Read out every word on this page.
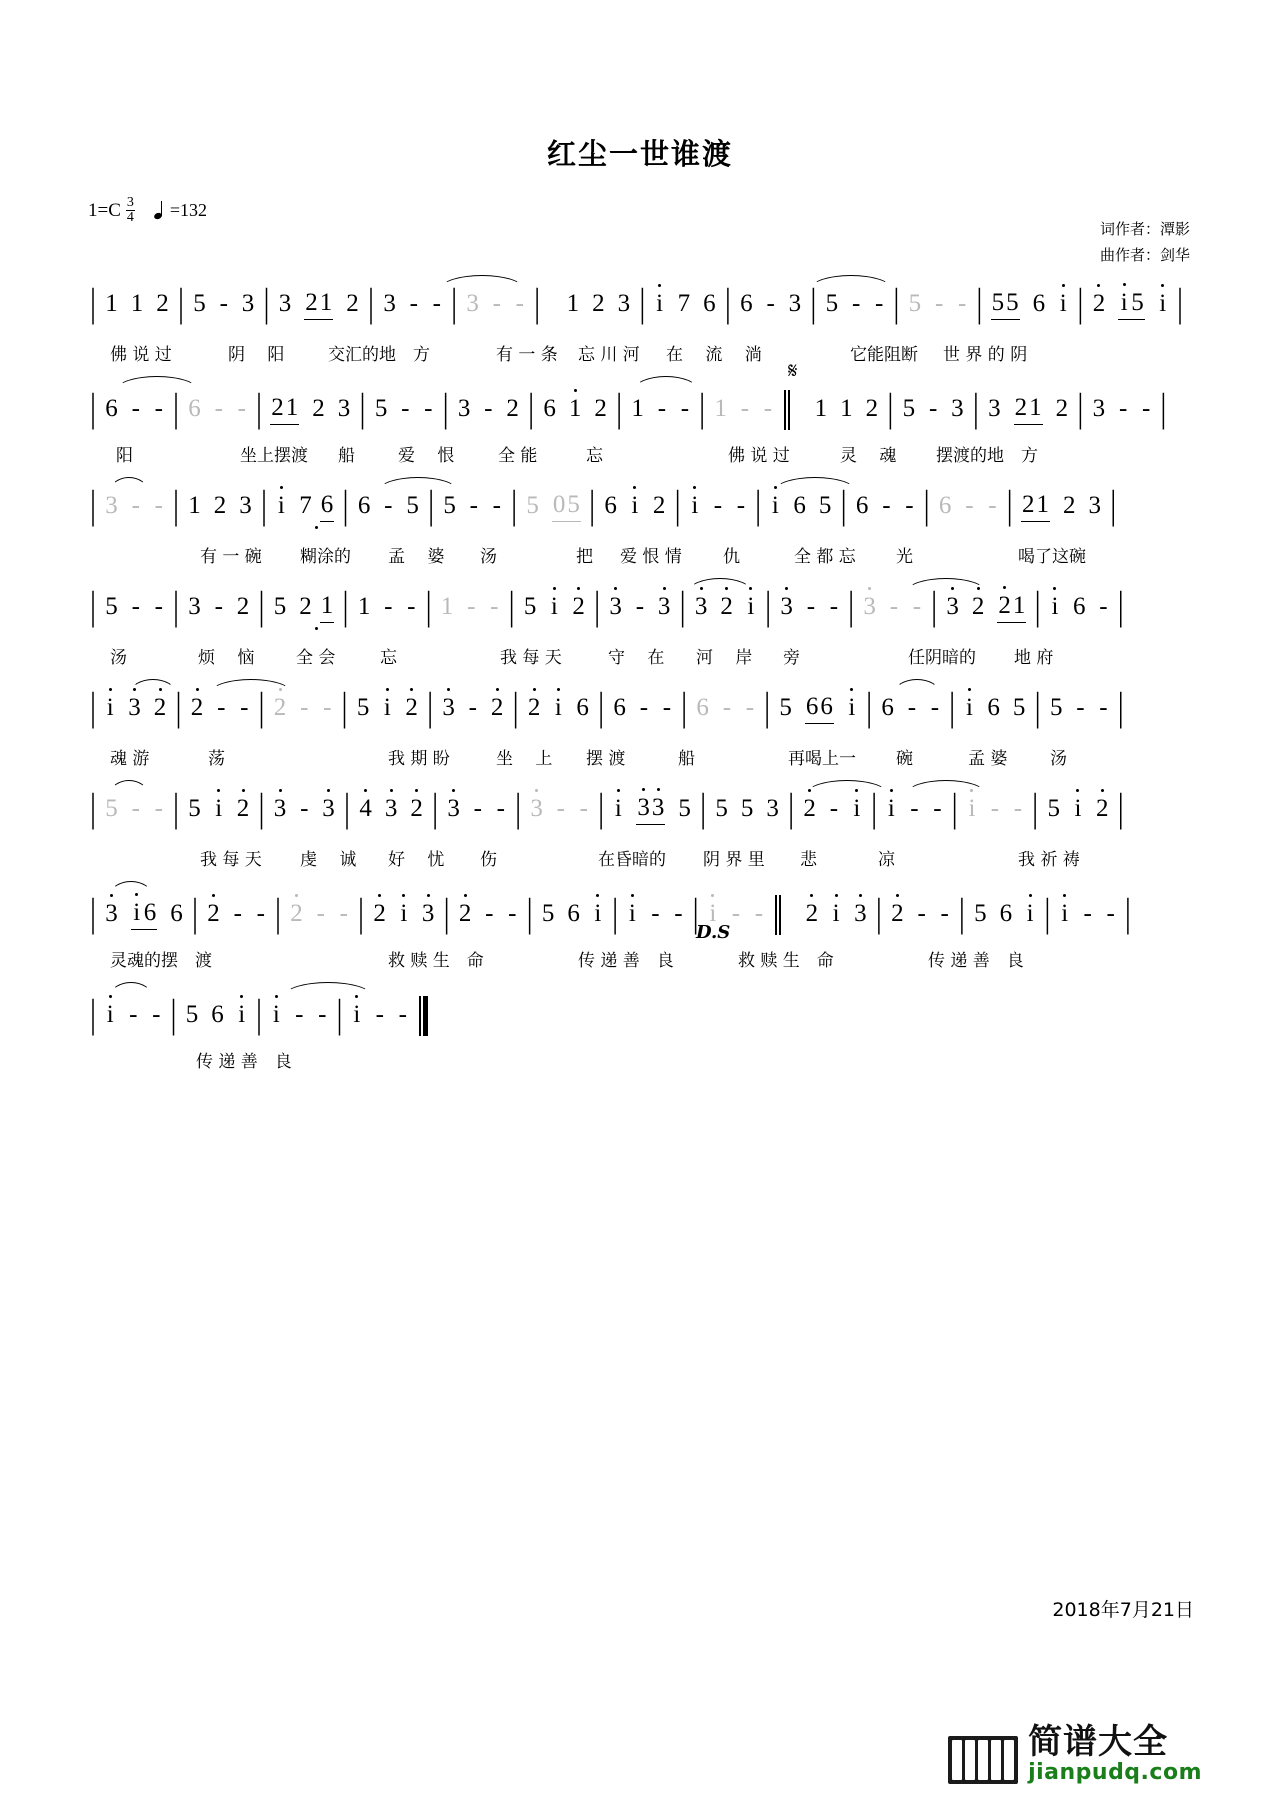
红尘一世谁渡
$1=C \frac{3}{4} =132$
词作者：潭影
曲作者：剑华
| 1 1 2 | 5 - 3 | 3 21 2 | 3 - - | 3 - - | 1 2 3 | i 7 6 | 6 - 3 | 5 - - | 5 - - | 55 6 i | 2 i 5 i |
佛 说 过	阴　 阳	交汇的地　方	有 一 条 忘 川 河 在　 流　 淌	它能阻断 世 界 的 阴
| 6 - - | 6 - - | 21 2 3 | 5 - - | 3 - 2 | 6 1 2 | 1 - - | 1 - - 1 1 2 | 5 - 3 | 3 21 2 | 3 - - |
𝄋
阳	坐上摆渡 船	爱　 恨	全 能	忘	佛 说 过	灵　 魂 摆渡的地　方
| 3 - - | 1 2 3 | i 7 6 | 6 - 5 | 5 - - | 5 05 | 6 i 2 | i - - | i 6 5 | 6 - - | 6 - - | 21 2 3 |
有 一 碗 糊涂的 孟　 婆 汤	把 爱 恨 情 仇	全 都 忘 光	喝了这碗
| 5 - - | 3 - 2 | 5 2 1 | 1 - - | 1 - - | 5 i 2 | 3 - 3 | 3 2 i | 3 - - | 3 - - | 3 2 21 | i 6 - |
汤	烦　 恼 全 会	忘	我 每 天	守　 在 河　 岸 旁	任阴暗的 地 府
| i 3 2 | 2 - - | 2 - - | 5 i 2 | 3 - 2 | 2 i 6 | 6 - - | 6 - - | 5 66 i | 6 - - | i 6 5 | 5 - - |
魂 游	荡	我 期 盼	坐　 上 摆 渡	船	再喝上一 碗	孟 婆	汤
| 5 - - | 5 i 2 | 3 - 3 | 4 3 2 | 3 - - | 3 - - | i 33 5 | 5 5 3 | 2 - i | i - - | i - - | 5 i 2 |
我 每 天 虔　 诚 好　 忧 伤	在昏暗的 阴 界 里 悲	凉	我 祈 祷
| 3 i 6 6 | 2 - - | 2 - - | 2 i 3 | 2 - - | 5 6 i | i - - | i - - 2 i 3 | 2 - - | 5 6 i | i - - |
D.S
灵魂的摆　渡	救 赎 生　命	传 递 善　良	救 赎 生　命	传 递 善　良
| i - - | 5 6 i | i - - | i - -
传 递 善　良
2018年7月21日
简谱大全
jianpudq.com
